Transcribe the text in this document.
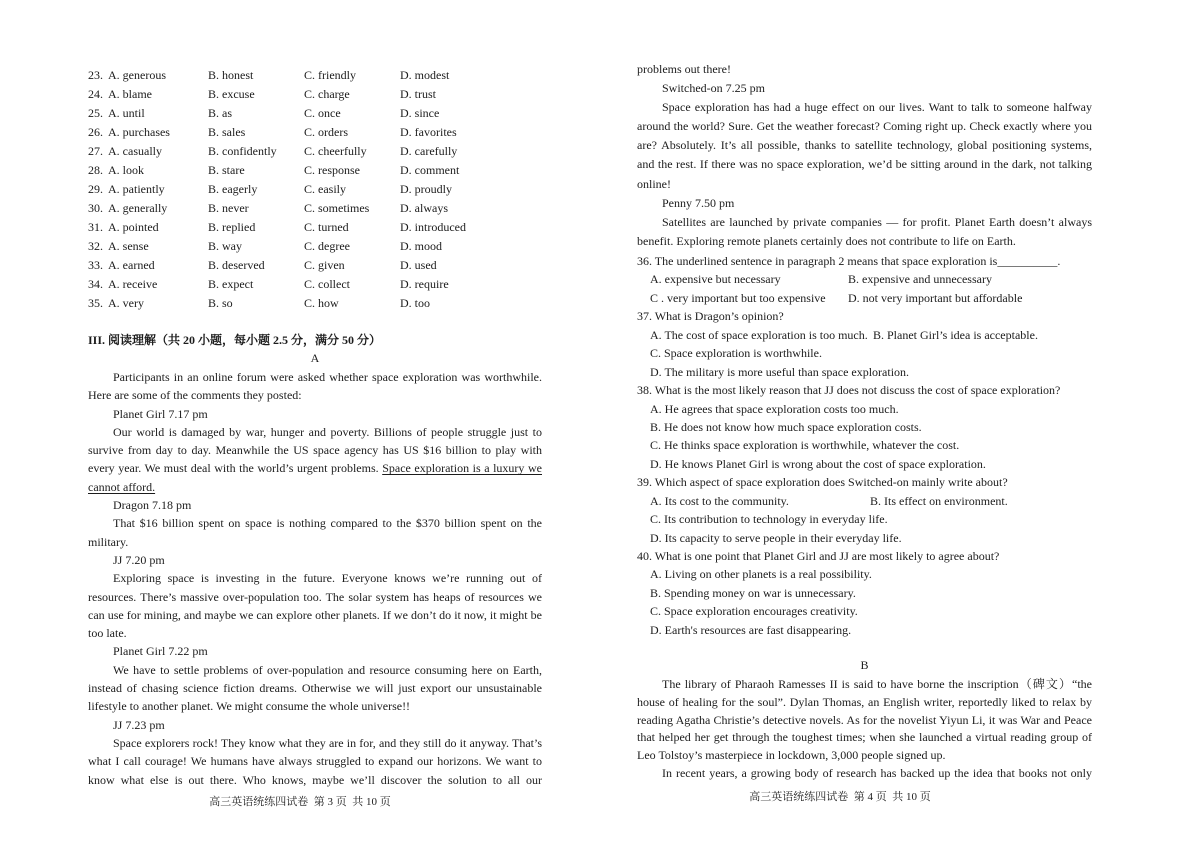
23. A. generous	B. honest	C. friendly	D. modest
24. A. blame	B. excuse	C. charge	D. trust
25. A. until	B. as	C. once	D. since
26. A. purchases	B. sales	C. orders	D. favorites
27. A. casually	B. confidently C. cheerfully	D. carefully
28. A. look	B. stare	C. response	D. comment
29. A. patiently	B. eagerly	C. easily	D. proudly
30. A. generally	B. never	C. sometimes	D. always
31. A. pointed	B. replied	C. turned	D. introduced
32. A. sense	B. way	C. degree	D. mood
33. A. earned	B. deserved	C. given	D. used
34. A. receive	B. expect	C. collect	D. require
35. A. very	B. so	C. how	D. too
III. 阅读理解（共 20 小题，每小题 2.5 分，满分 50 分）
A

Participants in an online forum were asked whether space exploration was worthwhile. Here are some of the comments they posted:

Planet Girl 7.17 pm

Our world is damaged by war, hunger and poverty. Billions of people struggle just to survive from day to day. Meanwhile the US space agency has US $16 billion to play with every year. We must deal with the world’s urgent problems. Space exploration is a luxury we cannot afford.

Dragon 7.18 pm

That $16 billion spent on space is nothing compared to the $370 billion spent on the military.

JJ 7.20 pm

Exploring space is investing in the future. Everyone knows we’re running out of resources. There’s massive over-population too. The solar system has heaps of resources we can use for mining, and maybe we can explore other planets. If we don’t do it now, it might be too late.

Planet Girl 7.22 pm

We have to settle problems of over-population and resource consuming here on Earth, instead of chasing science fiction dreams. Otherwise we will just export our unsustainable lifestyle to another planet. We might consume the whole universe!!

JJ 7.23 pm

Space explorers rock! They know what they are in for, and they still do it anyway. That’s what I call courage! We humans have always struggled to expand our horizons. We want to know what else is out there. Who knows, maybe we’ll discover the solution to all our

高三英语统练四试卷  第 3 页  共 10 页

problems out there!

Switched-on 7.25 pm

Space exploration has had a huge effect on our lives. Want to talk to someone halfway around the world? Sure. Get the weather forecast? Coming right up. Check exactly where you are? Absolutely. It’s all possible, thanks to satellite technology, global positioning systems, and the rest. If there was no space exploration, we’d be sitting around in the dark, not talking online!

Penny 7.50 pm

Satellites are launched by private companies — for profit. Planet Earth doesn’t always benefit. Exploring remote planets certainly does not contribute to life on Earth.

36. The underlined sentence in paragraph 2 means that space exploration is__________.
A. expensive but necessary	B. expensive and unnecessary
C . very important but too expensive D. not very important but affordable
37. What is Dragon’s opinion?
A. The cost of space exploration is too much. B. Planet Girl’s idea is acceptable.
C. Space exploration is worthwhile.
D. The military is more useful than space exploration.
38. What is the most likely reason that JJ does not discuss the cost of space exploration?
A. He agrees that space exploration costs too much.
B. He does not know how much space exploration costs.
C. He thinks space exploration is worthwhile, whatever the cost.
D. He knows Planet Girl is wrong about the cost of space exploration.
39. Which aspect of space exploration does Switched-on mainly write about?
A. Its cost to the community.	B. Its effect on environment.
C. Its contribution to technology in everyday life.
D. Its capacity to serve people in their everyday life.
40. What is one point that Planet Girl and JJ are most likely to agree about?
A. Living on other planets is a real possibility.
B. Spending money on war is unnecessary.
C. Space exploration encourages creativity.
D. Earth's resources are fast disappearing.
B

The library of Pharaoh Ramesses II is said to have borne the inscription（碑文）“the house of healing for the soul”. Dylan Thomas, an English writer, reportedly liked to relax by reading Agatha Christie’s detective novels. As for the novelist Yiyun Li, it was War and Peace that helped her get through the toughest times; when she launched a virtual reading group of Leo Tolstoy’s masterpiece in lockdown, 3,000 people signed up.

In recent years, a growing body of research has backed up the idea that books not only

高三英语统练四试卷  第 4 页  共 10 页
